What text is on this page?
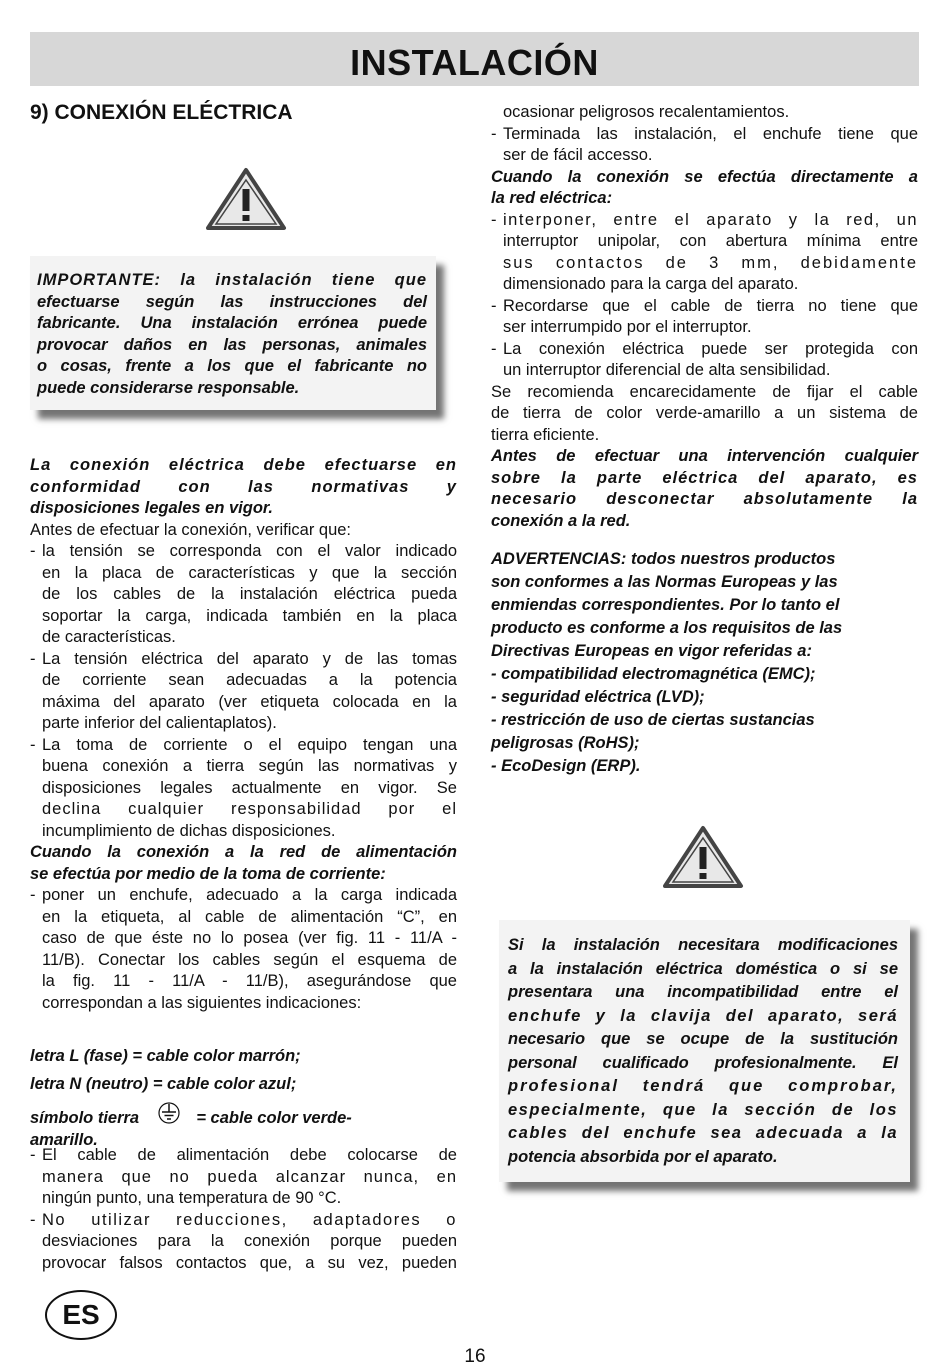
INSTALACIÓN
9) CONEXIÓN ELÉCTRICA

IMPORTANTE: la instalación tiene que

efectuarse según las instrucciones del

fabricante. Una instalación errónea puede

provocar daños en las personas, animales

o cosas, frente a los que el fabricante no

puede considerarse responsable.

La conexión eléctrica debe efectuarse en

conformidad con las normativas y

disposiciones legales en vigor.

Antes de efectuar la conexión, verificar que:

- la tensión se corresponda con el valor indicado

en la placa de características y que la sección

de los cables de la instalación eléctrica pueda

soportar la carga, indicada también en la placa

de características.

- La tensión eléctrica del aparato y de las tomas

de corriente sean adecuadas a la potencia

máxima del aparato (ver etiqueta colocada en la

parte inferior del calientaplatos).

- La toma de corriente o el equipo tengan una

buena conexión a tierra según las normativas y

disposiciones legales actualmente en vigor. Se

declina cualquier responsabilidad por el

incumplimiento de dichas disposiciones.

Cuando la conexión a la red de alimentación

se efectúa por medio de la toma de corriente:

- poner un enchufe, adecuado a la carga indicada

en la etiqueta, al cable de alimentación “C”, en

caso de que éste no lo posea (ver fig. 11 - 11/A -

11/B). Conectar los cables según el esquema de

la fig. 11 - 11/A - 11/B), asegurándose que

correspondan a las siguientes indicaciones:

letra L (fase) = cable color marrón;

letra N (neutro) = cable color azul;

símbolo tierra	= cable color verde-

amarillo.

- El cable de alimentación debe colocarse de

manera que no pueda alcanzar nunca, en

ningún punto, una temperatura de 90 °C.

- No utilizar reducciones, adaptadores o

desviaciones para la conexión porque pueden

provocar falsos contactos que, a su vez, pueden

ocasionar peligrosos recalentamientos.

- Terminada las instalación, el enchufe tiene que

ser de fácil accesso.

Cuando la conexión se efectúa directamente a

la red eléctrica:

- interponer, entre el aparato y la red, un

interruptor unipolar, con abertura mínima entre

sus contactos de 3 mm, debidamente

dimensionado para la carga del aparato.

- Recordarse que el cable de tierra no tiene que

ser interrumpido por el interruptor.

- La conexión eléctrica puede ser protegida con

un interruptor diferencial de alta sensibilidad.

Se recomienda encarecidamente de fijar el cable

de tierra de color verde-amarillo a un sistema de

tierra eficiente.

Antes de efectuar una intervención cualquier

sobre la parte eléctrica del aparato, es

necesario desconectar absolutamente la

conexión a la red.

ADVERTENCIAS: todos nuestros productos

son conformes a las Normas Europeas y las

enmiendas correspondientes. Por lo tanto el

producto es conforme a los requisitos de las

Directivas Europeas en vigor referidas a:

- compatibilidad electromagnética (EMC);

- seguridad eléctrica (LVD);

- restricción de uso de ciertas sustancias

peligrosas (RoHS);

- EcoDesign (ERP).

Si la instalación necesitara modificaciones

a la instalación eléctrica doméstica o si se

presentara una incompatibilidad entre el

enchufe y la clavija del aparato, será

necesario que se ocupe de la sustitución

personal cualificado profesionalmente. El

profesional tendrá que comprobar,

especialmente, que la sección de los

cables del enchufe sea adecuada a la

potencia absorbida por el aparato.

ES
16
